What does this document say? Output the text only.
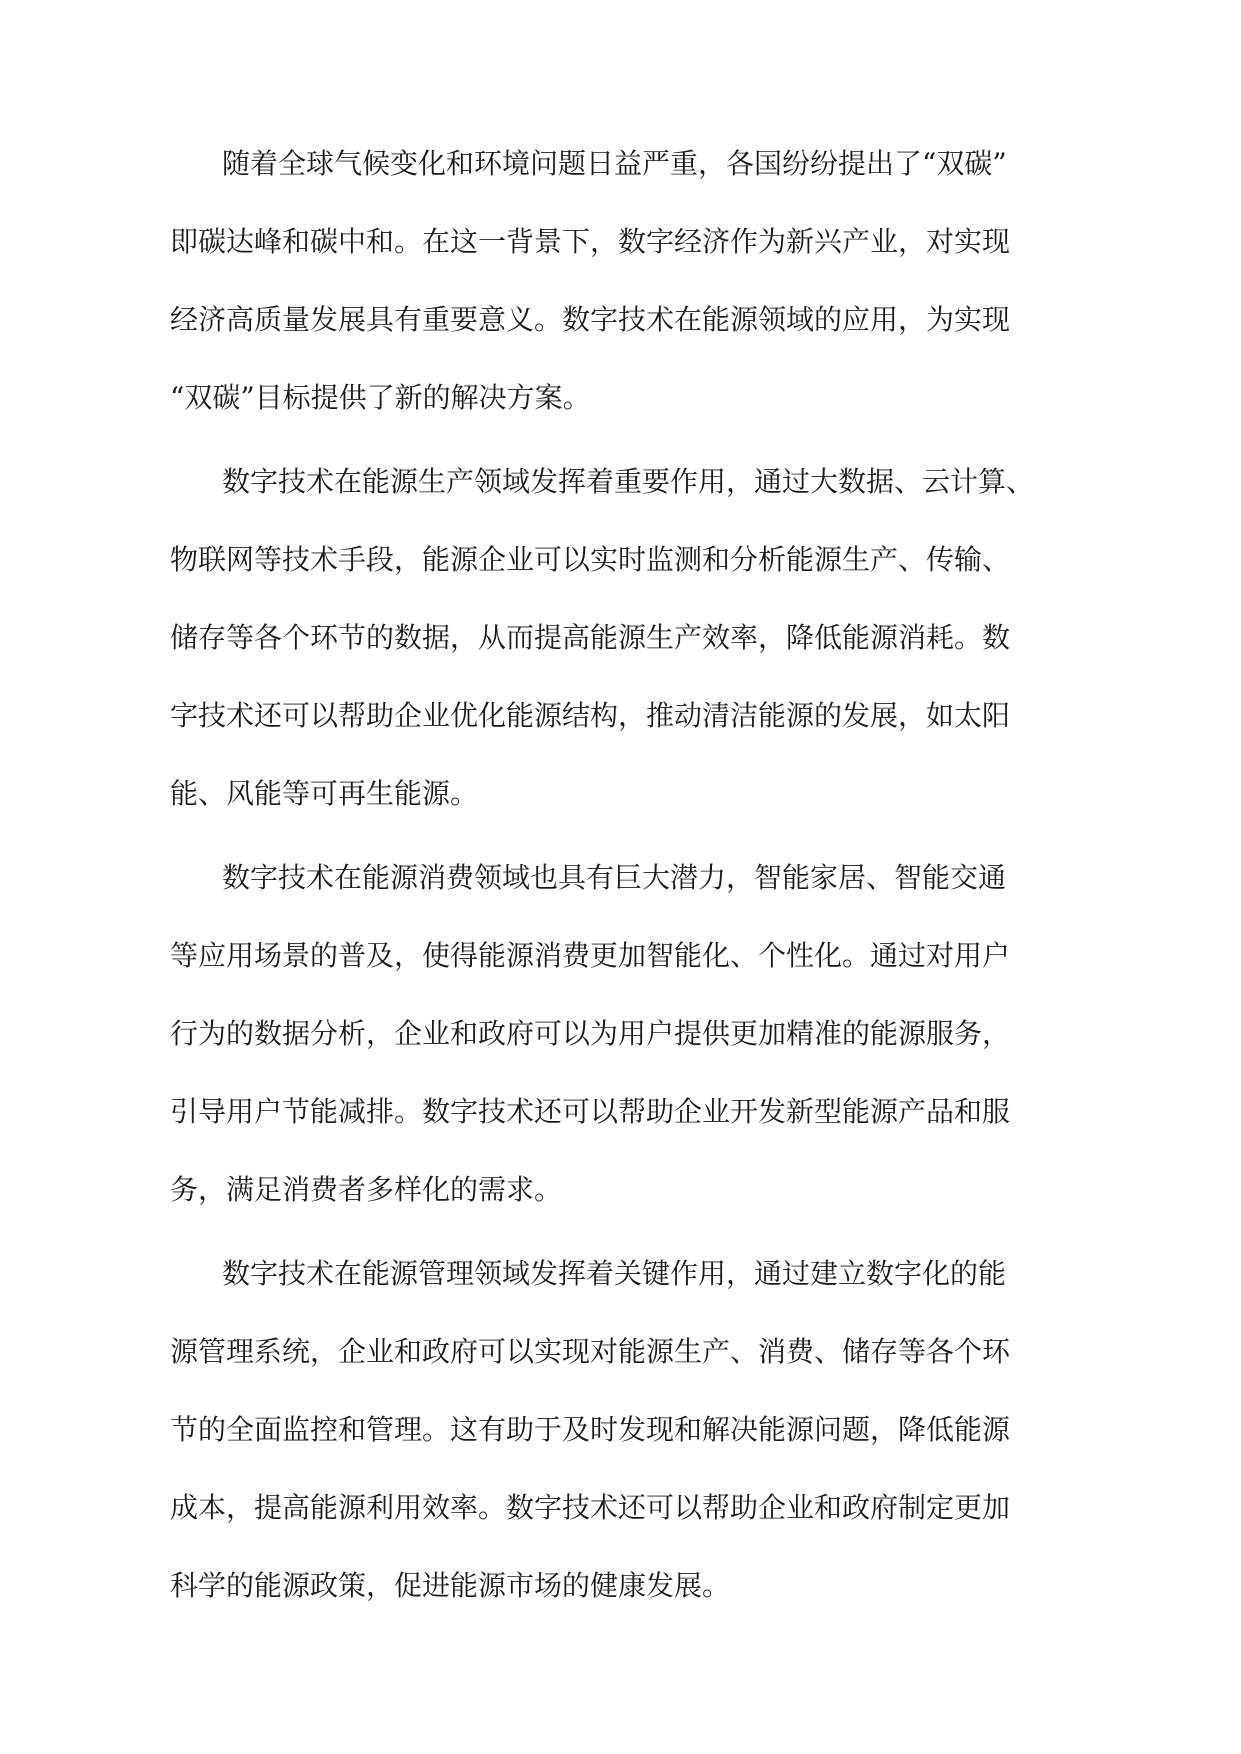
随着全球气候变化和环境问题日益严重，各国纷纷提出了“双碳”

即碳达峰和碳中和。在这一背景下，数字经济作为新兴产业，对实现

经济高质量发展具有重要意义。数字技术在能源领域的应用，为实现

“双碳”目标提供了新的解决方案。

数字技术在能源生产领域发挥着重要作用，通过大数据、云计算、

物联网等技术手段，能源企业可以实时监测和分析能源生产、传输、

储存等各个环节的数据，从而提高能源生产效率，降低能源消耗。数

字技术还可以帮助企业优化能源结构，推动清洁能源的发展，如太阳

能、风能等可再生能源。

数字技术在能源消费领域也具有巨大潜力，智能家居、智能交通

等应用场景的普及，使得能源消费更加智能化、个性化。通过对用户

行为的数据分析，企业和政府可以为用户提供更加精准的能源服务，

引导用户节能减排。数字技术还可以帮助企业开发新型能源产品和服

务，满足消费者多样化的需求。

数字技术在能源管理领域发挥着关键作用，通过建立数字化的能

源管理系统，企业和政府可以实现对能源生产、消费、储存等各个环

节的全面监控和管理。这有助于及时发现和解决能源问题，降低能源

成本，提高能源利用效率。数字技术还可以帮助企业和政府制定更加

科学的能源政策，促进能源市场的健康发展。
